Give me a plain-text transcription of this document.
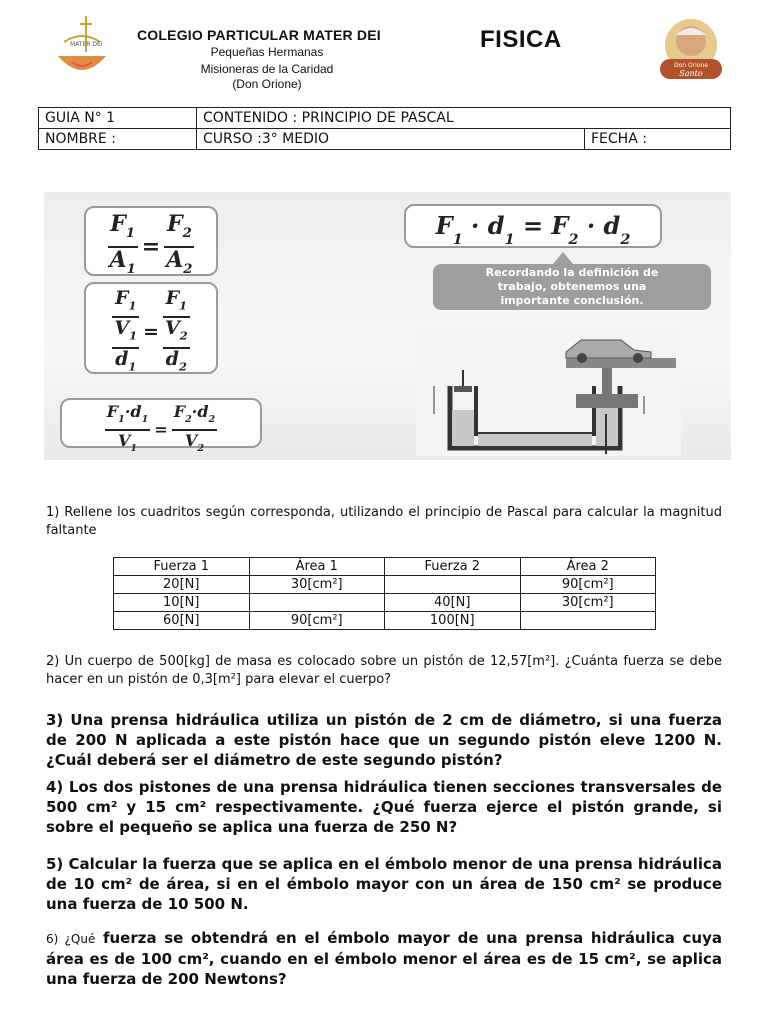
MATER DEI
COLEGIO PARTICULAR MATER DEI
Pequeñas Hermanas
Misioneras de la Caridad
(Don Orione)
FISICA
Don Orione
Santo
GUIA N° 1	CONTENIDO : PRINCIPIO DE PASCAL	
NOMBRE :	CURSO :3° MEDIO	FECHA :
$\frac{F_1}{A_1} = \frac{F_2}{A_2}$
$F_1$
$V_1$
$d_1$
=
$F_1$
$V_2$
$d_2$
$\frac{F_1\cdot d_1}{V_1} = \frac{F_2\cdot d_2}{V_2}$
$F_1 \cdot d_1 = F_2 \cdot d_2$
Recordando la definición de
trabajo, obtenemos una
importante conclusión.
1) Rellene los cuadritos según corresponda, utilizando el principio de Pascal para calcular la magnitud faltante
Fuerza 1	Área 1	Fuerza 2	Área 2
20[N]	30[cm²]		90[cm²]
10[N]		40[N]	30[cm²]
60[N]	90[cm²]	100[N]	
2) Un cuerpo de 500[kg] de masa es colocado sobre un pistón de 12,57[m²]. ¿Cuánta fuerza se debe hacer en un pistón de 0,3[m²] para elevar el cuerpo?
3) Una prensa hidráulica utiliza un pistón de 2 cm de diámetro, si una fuerza de 200 N aplicada a este pistón hace que un segundo pistón eleve 1200 N. ¿Cuál deberá ser el diámetro de este segundo pistón?
4) Los dos pistones de una prensa hidráulica tienen secciones transversales de 500 cm² y 15 cm² respectivamente. ¿Qué fuerza ejerce el pistón grande, si sobre el pequeño se aplica una fuerza de 250 N?
5) Calcular la fuerza que se aplica en el émbolo menor de una prensa hidráulica de 10 cm² de área, si en el émbolo mayor con un área de 150 cm² se produce una fuerza de 10 500 N.
6) ¿Qué fuerza se obtendrá en el émbolo mayor de una prensa hidráulica cuya área es de 100 cm², cuando en el émbolo menor el área es de 15 cm², se aplica una fuerza de 200 Newtons?
